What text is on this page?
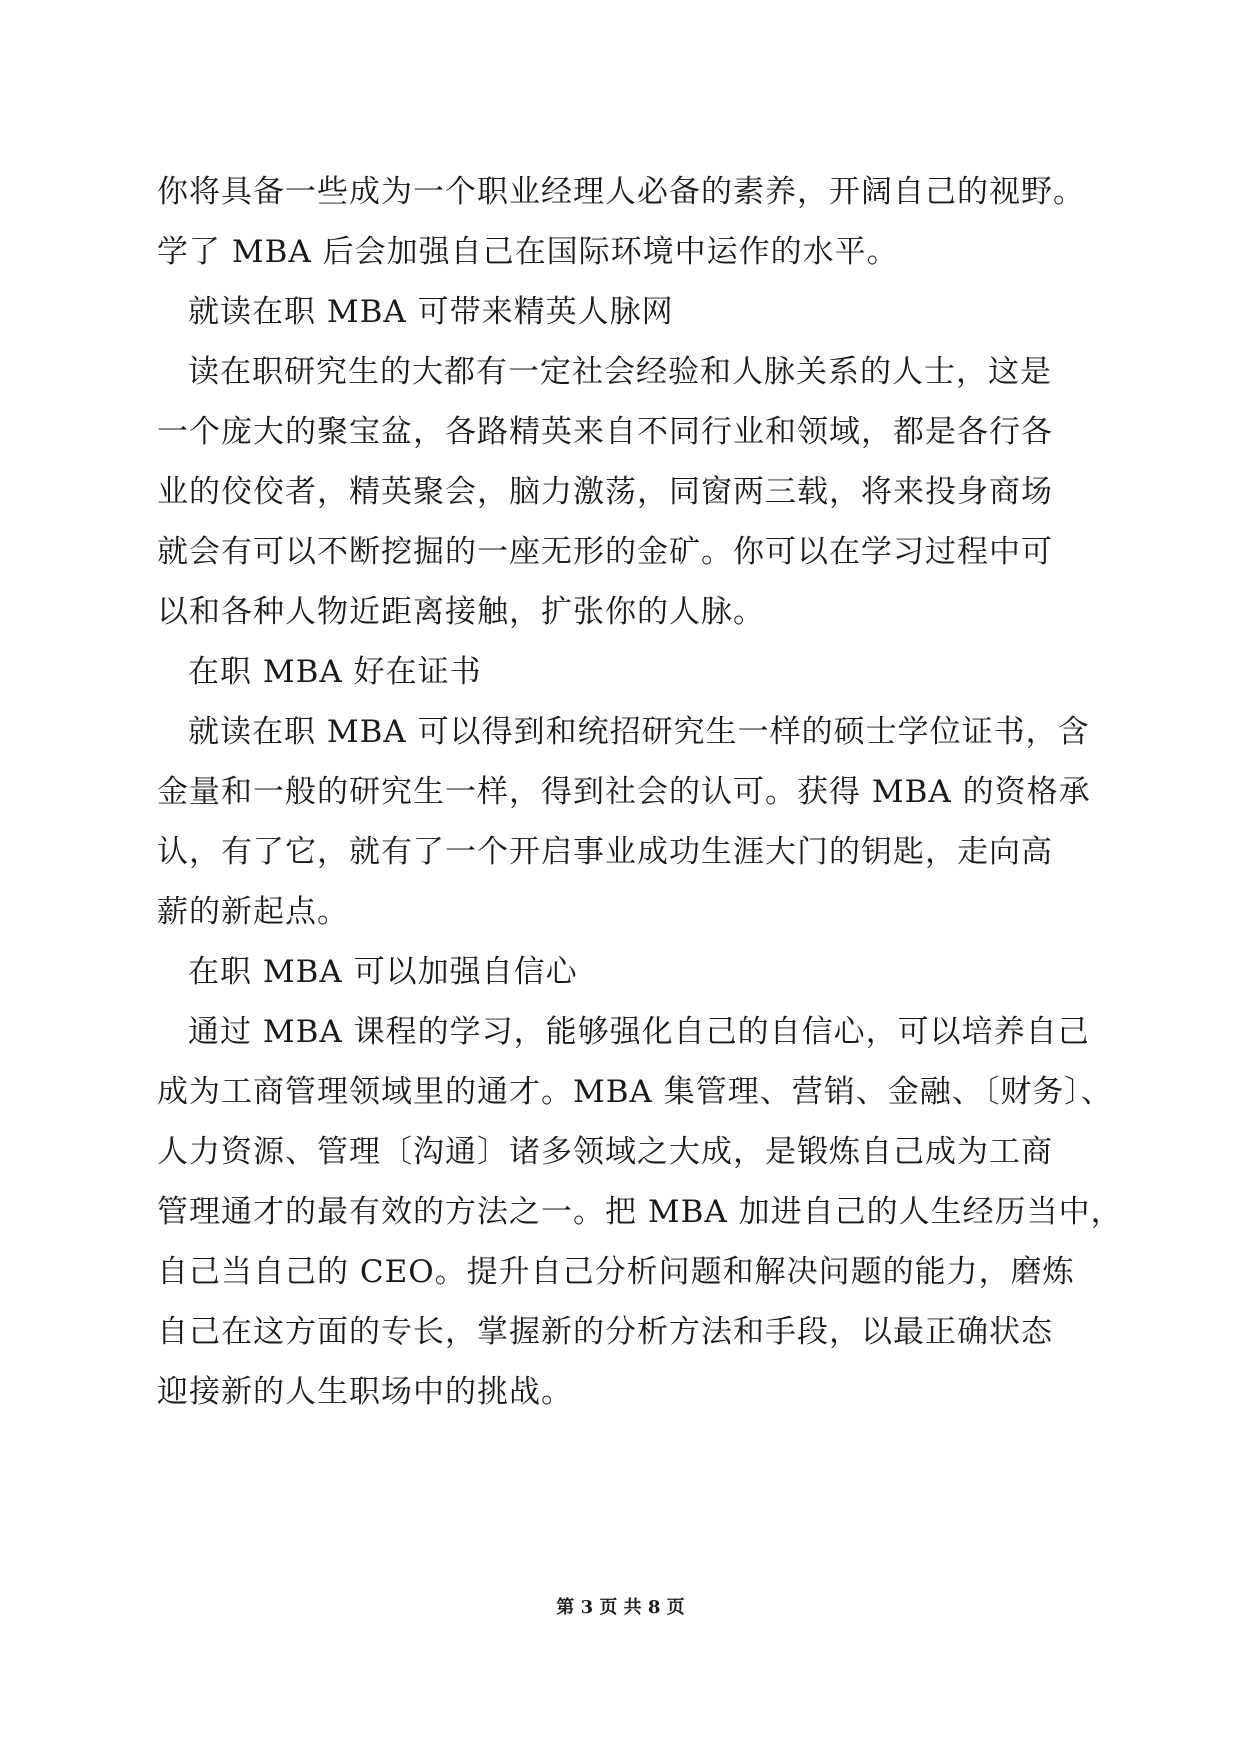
你将具备一些成为一个职业经理人必备的素养，开阔自己的视野。
学了 MBA 后会加强自己在国际环境中运作的水平。
就读在职 MBA 可带来精英人脉网
读在职研究生的大都有一定社会经验和人脉关系的人士，这是
一个庞大的聚宝盆，各路精英来自不同行业和领域，都是各行各
业的佼佼者，精英聚会，脑力激荡，同窗两三载，将来投身商场
就会有可以不断挖掘的一座无形的金矿。你可以在学习过程中可
以和各种人物近距离接触，扩张你的人脉。
在职 MBA 好在证书
就读在职 MBA 可以得到和统招研究生一样的硕士学位证书，含
金量和一般的研究生一样，得到社会的认可。获得 MBA 的资格承
认，有了它，就有了一个开启事业成功生涯大门的钥匙，走向高
薪的新起点。
在职 MBA 可以加强自信心
通过 MBA 课程的学习，能够强化自己的自信心，可以培养自己
成为工商管理领域里的通才。MBA 集管理、营销、金融、〔财务〕、
人力资源、管理〔沟通〕诸多领域之大成，是锻炼自己成为工商
管理通才的最有效的方法之一。把 MBA 加进自己的人生经历当中，
自己当自己的 CEO。提升自己分析问题和解决问题的能力，磨炼
自己在这方面的专长，掌握新的分析方法和手段，以最正确状态
迎接新的人生职场中的挑战。
第 3 页 共 8 页
